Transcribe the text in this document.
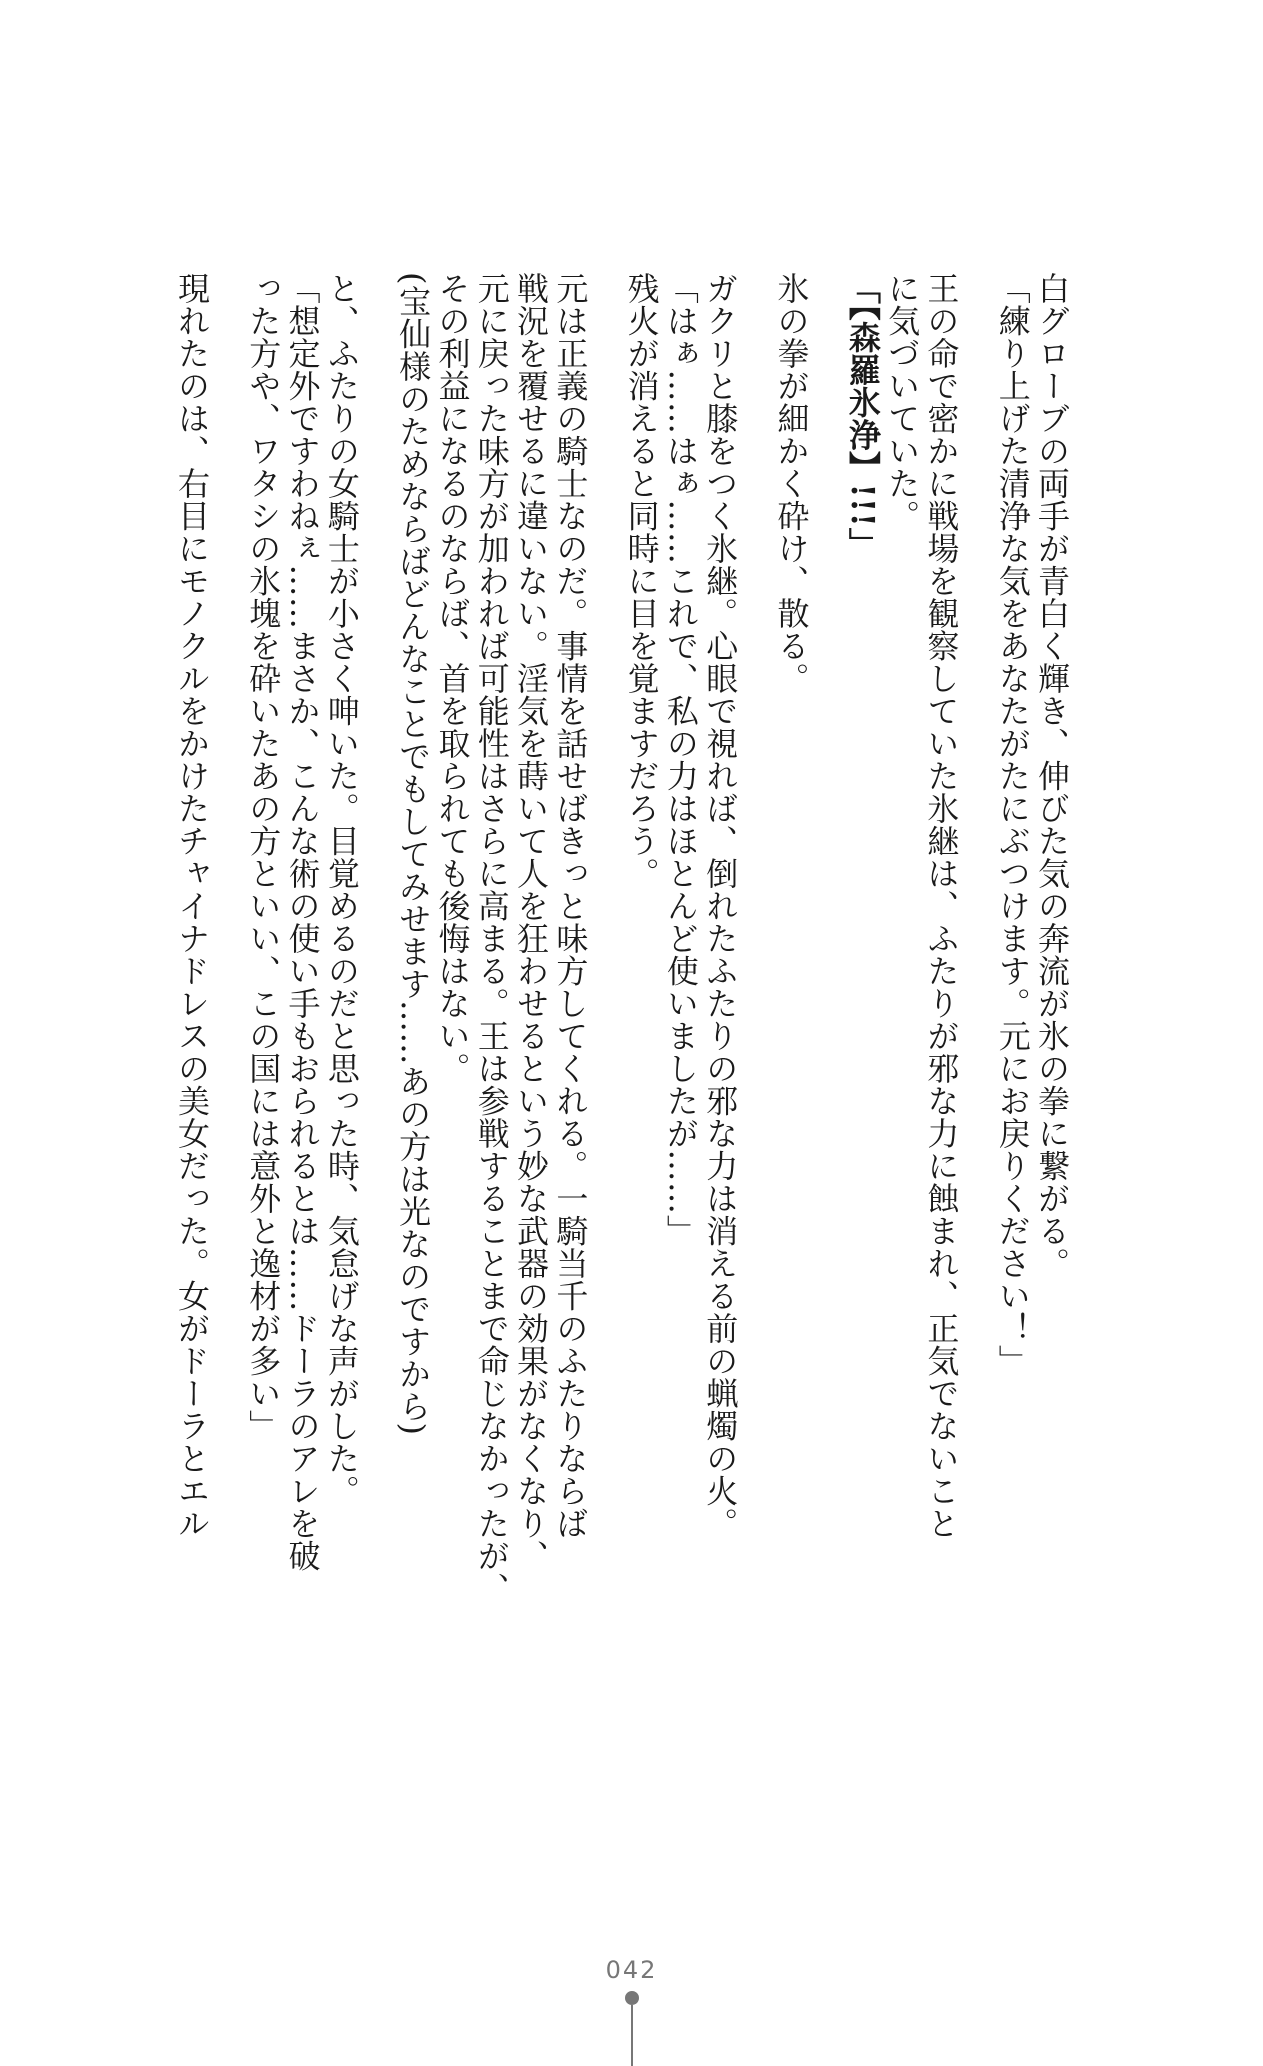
白グローブの両手が青白く輝き、伸びた気の奔流が氷の拳に繋がる。
「練り上げた清浄な気をあなたがたにぶつけます。元にお戻りください！」
王の命で密かに戦場を観察していた氷継は、ふたりが邪な力に蝕まれ、正気でないこと
に気づいていた。
「【森羅氷浄】!!!」
氷の拳が細かく砕け、散る。
ガクリと膝をつく氷継。心眼で視れば、倒れたふたりの邪な力は消える前の蝋燭の火。
「はぁ……はぁ……これで、私の力はほとんど使いましたが……」
残火が消えると同時に目を覚ますだろう。
元は正義の騎士なのだ。事情を話せばきっと味方してくれる。一騎当千のふたりならば
戦況を覆せるに違いない。淫気を蒔いて人を狂わせるという妙な武器の効果がなくなり、
元に戻った味方が加われば可能性はさらに高まる。王は参戦することまで命じなかったが、
その利益になるのならば、首を取られても後悔はない。
(宝仙様のためならばどんなことでもしてみせます……あの方は光なのですから)
と、ふたりの女騎士が小さく呻いた。目覚めるのだと思った時、気怠げな声がした。
「想定外ですわねぇ……まさか、こんな術の使い手もおられるとは……ドーラのアレを破
った方や、ワタシの氷塊を砕いたあの方といい、この国には意外と逸材が多い」
現れたのは、右目にモノクルをかけたチャイナドレスの美女だった。女がドーラとエル
042
